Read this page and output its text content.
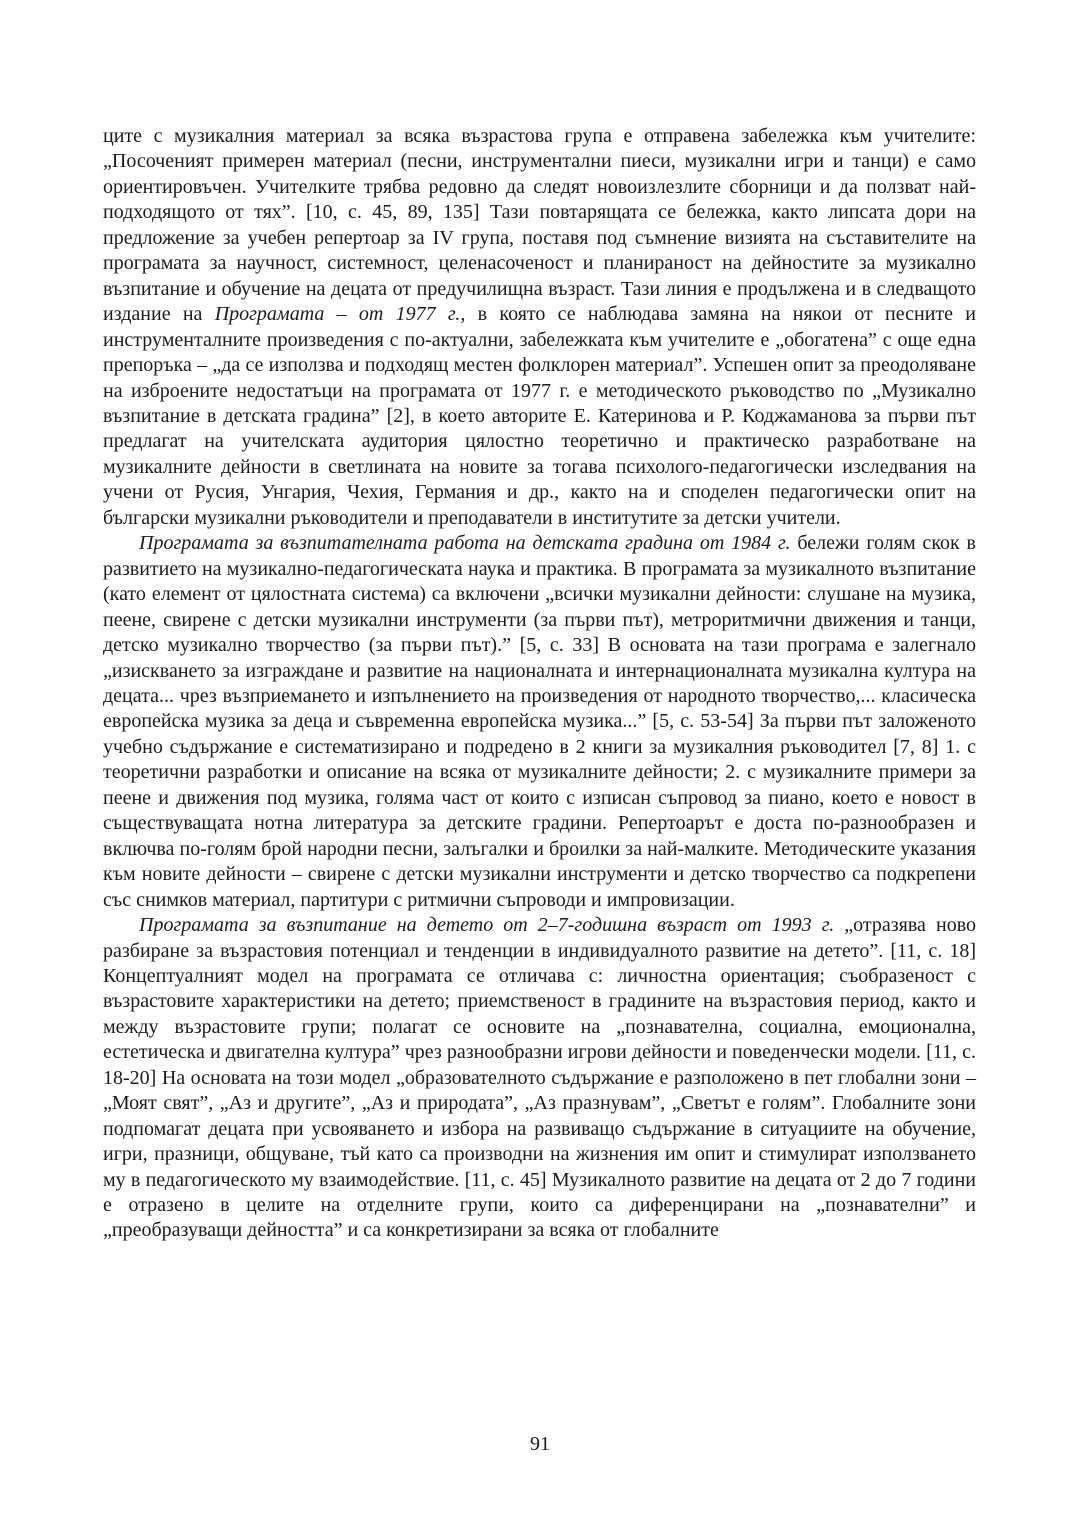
ците с музикалния материал за всяка възрастова група е отправена забележка към учителите: „Посоченият примерен материал (песни, инструментални пиеси, музикални игри и танци) е само ориентировъчен. Учителките трябва редовно да следят новоизлезлите сборници и да ползват най-подходящото от тях”. [10, с. 45, 89, 135] Тази повтарящата се бележка, както липсата дори на предложение за учебен репертоар за IV група, поставя под съмнение визията на съставителите на програмата за научност, системност, целенасоченост и планираност на дейностите за музикално възпитание и обучение на децата от предучилищна възраст. Тази линия е продължена и в следващото издание на Програмата – от 1977 г., в която се наблюдава замяна на някои от песните и инструменталните произведения с по-актуални, забележката към учителите е „обогатена” с още една препоръка – „да се използва и подходящ местен фолклорен материал”. Успешен опит за преодоляване на изброените недостатъци на програмата от 1977 г. е методическото ръководство по „Музикално възпитание в детската градина” [2], в което авторите Е. Катеринова и Р. Коджаманова за първи път предлагат на учителската аудитория цялостно теоретично и практическо разработване на музикалните дейности в светлината на новите за тогава психолого-педагогически изследвания на учени от Русия, Унгария, Чехия, Германия и др., както на и споделен педагогически опит на български музикални ръководители и преподаватели в институтите за детски учители.

Програмата за възпитателната работа на детската градина от 1984 г. бележи голям скок в развитието на музикално-педагогическата наука и практика. В програмата за музикалното възпитание (като елемент от цялостната система) са включени „всички музикални дейности: слушане на музика, пеене, свирене с детски музикални инструменти (за първи път), метроритмични движения и танци, детско музикално творчество (за първи път).” [5, с. 33] В основата на тази програма е залегнало „изискването за изграждане и развитие на националната и интернационалната музикална култура на децата... чрез възприемането и изпълнението на произведения от народното творчество,... класическа европейска музика за деца и съвременна европейска музика...” [5, с. 53-54] За първи път заложеното учебно съдържание е систематизирано и подредено в 2 книги за музикалния ръководител [7, 8] 1. с теоретични разработки и описание на всяка от музикалните дейности; 2. с музикалните примери за пеене и движения под музика, голяма част от които с изписан съпровод за пиано, което е новост в съществуващата нотна литература за детските градини. Репертоарът е доста по-разнообразен и включва по-голям брой народни песни, залъгалки и броилки за най-малките. Методическите указания към новите дейности – свирене с детски музикални инструменти и детско творчество са подкрепени със снимков материал, партитури с ритмични съпроводи и импровизации.

Програмата за възпитание на детето от 2–7-годишна възраст от 1993 г. „отразява ново разбиране за възрастовия потенциал и тенденции в индивидуалното развитие на детето”. [11, с. 18] Концептуалният модел на програмата се отличава с: личностна ориентация; съобразеност с възрастовите характеристики на детето; приемственост в градините на възрастовия период, както и между възрастовите групи; полагат се основите на „познавателна, социална, емоционална, естетическа и двигателна култура” чрез разнообразни игрови дейности и поведенчески модели. [11, с. 18-20] На основата на този модел „образователното съдържание е разположено в пет глобални зони – „Моят свят”, „Аз и другите”, „Аз и природата”, „Аз празнувам”, „Светът е голям”. Глобалните зони подпомагат децата при усвояването и избора на развиващо съдържание в ситуациите на обучение, игри, празници, общуване, тъй като са производни на жизнения им опит и стимулират използването му в педагогическото му взаимодействие. [11, с. 45] Музикалното развитие на децата от 2 до 7 години е отразено в целите на отделните групи, които са диференцирани на „познавателни” и „преобразуващи дейността” и са конкретизирани за всяка от глобалните

91
